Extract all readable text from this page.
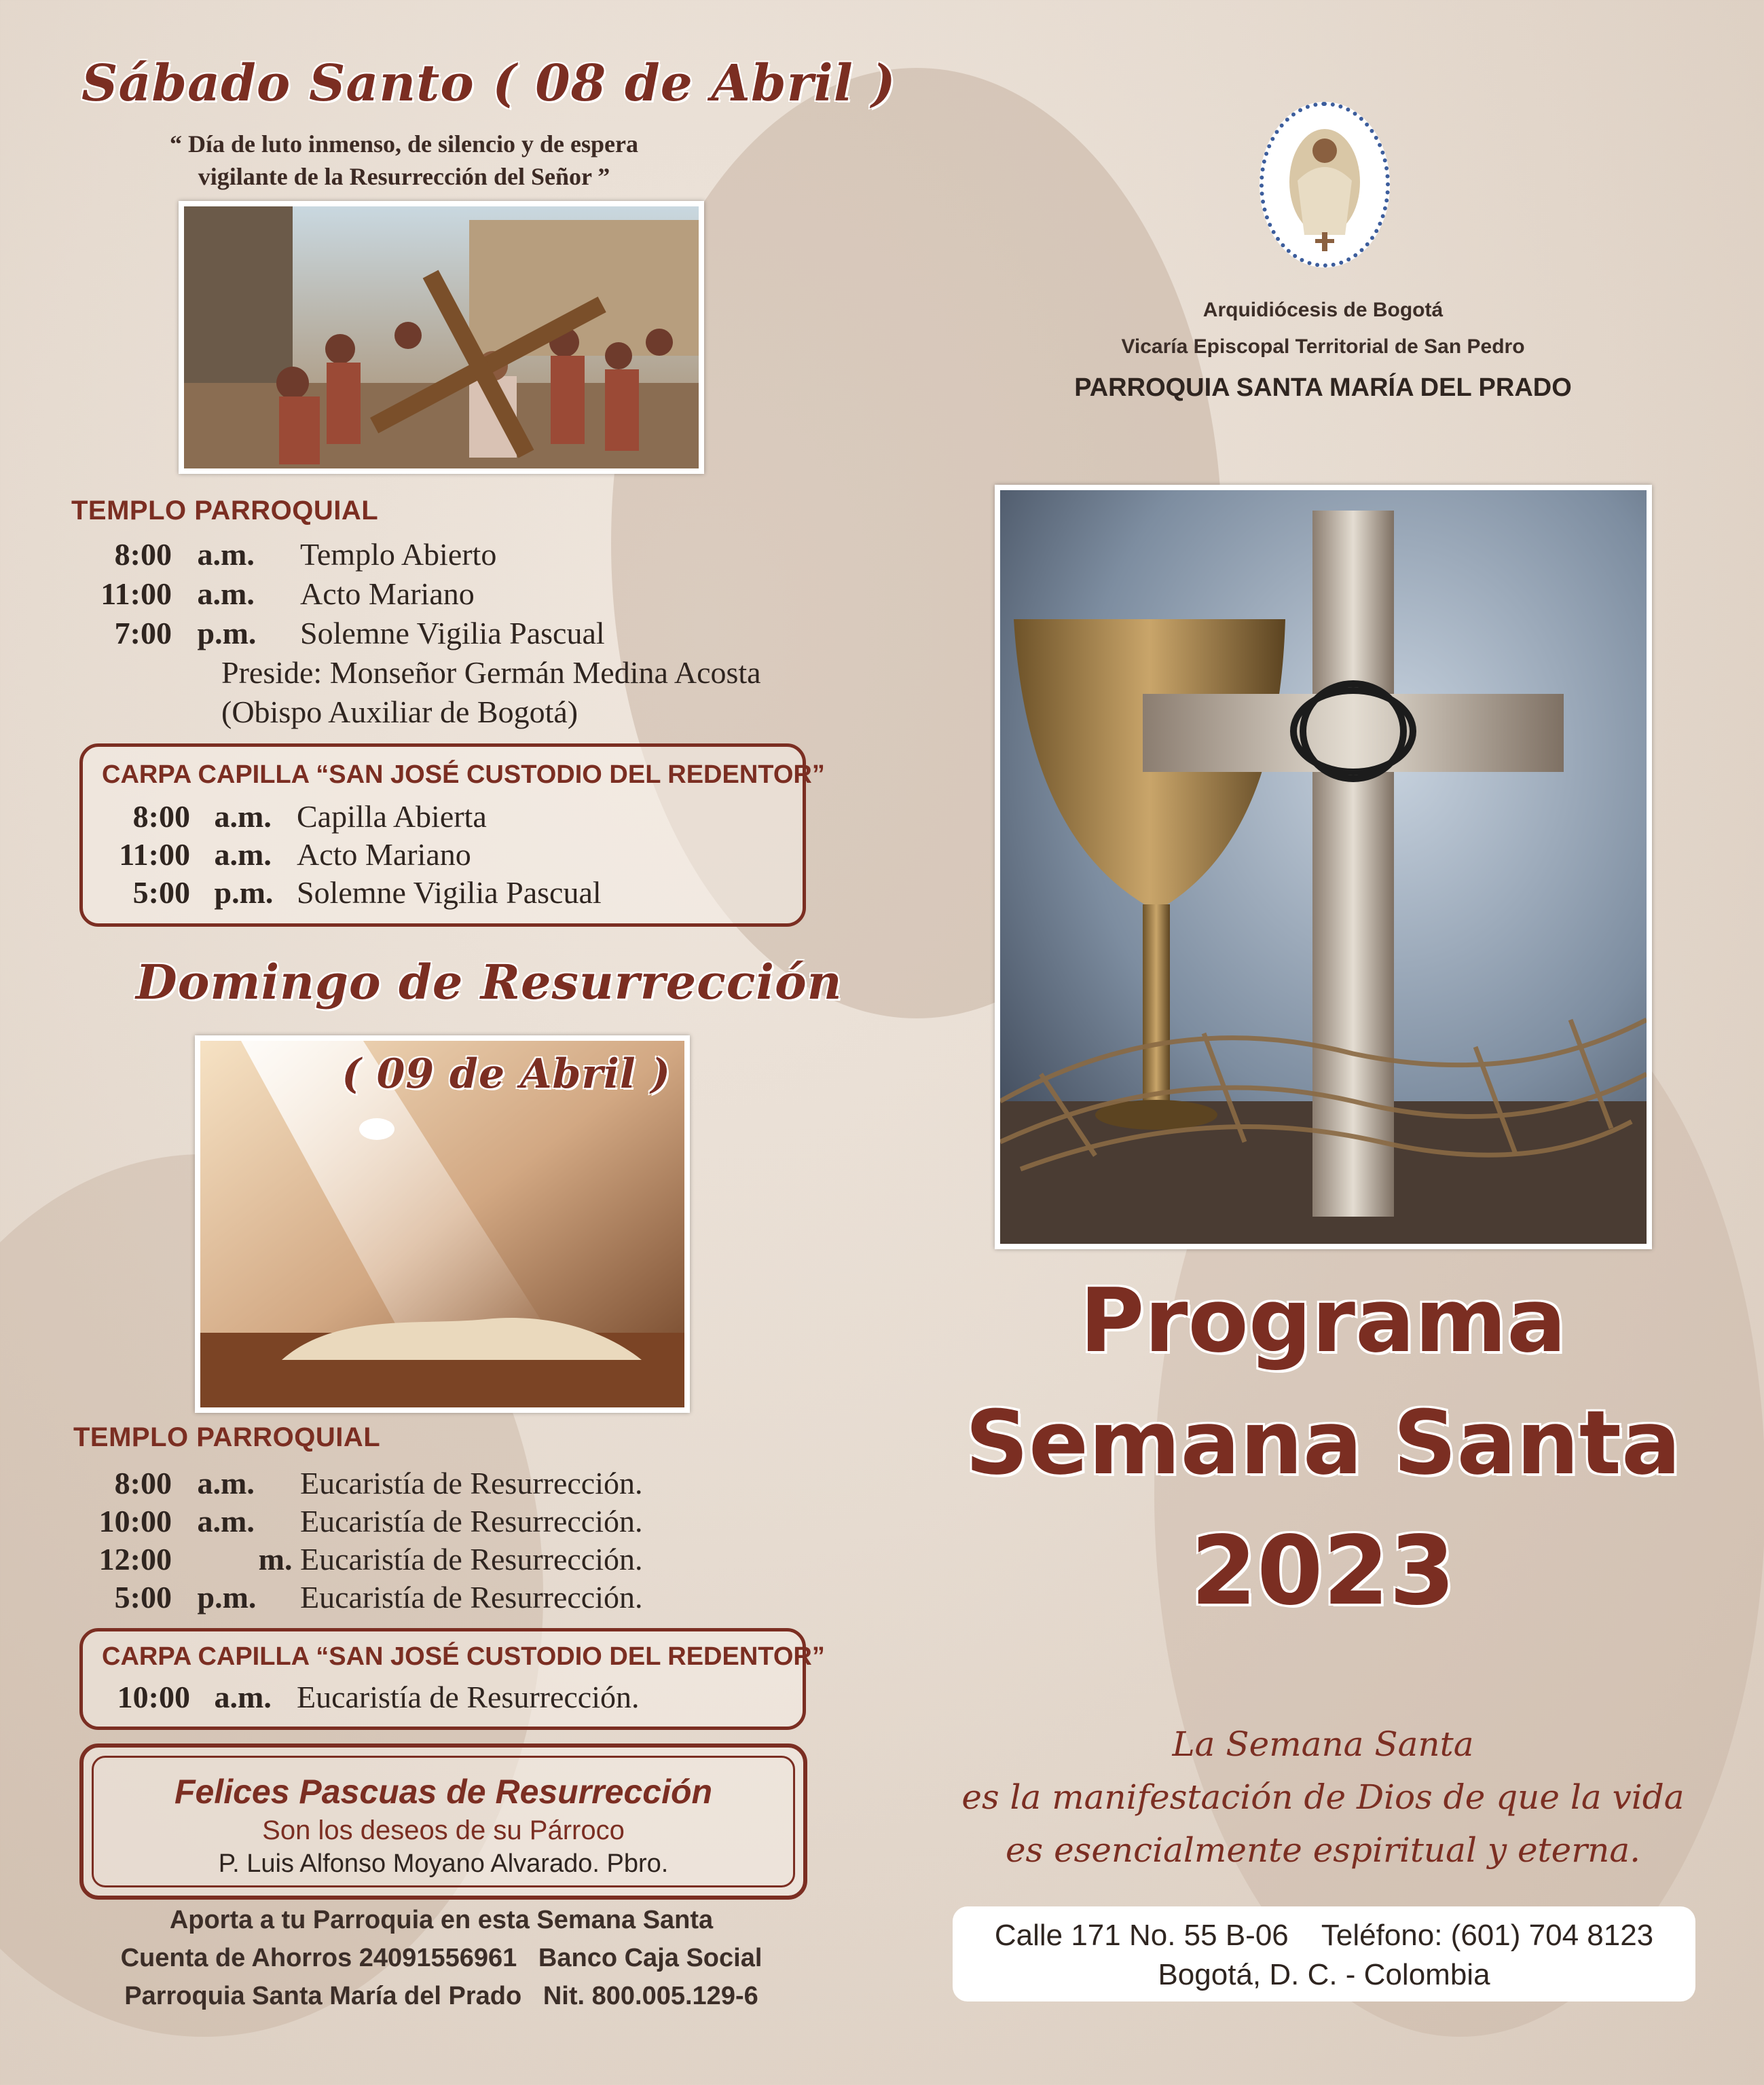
Sábado Santo ( 08 de Abril )
“ Día de luto inmenso, de silencio y de espera
vigilante de la Resurrección del Señor ”
TEMPLO PARROQUIAL
8:00 a.m. Templo Abierto
11:00 a.m. Acto Mariano
7:00 p.m. Solemne Vigilia Pascual
Preside: Monseñor Germán Medina Acosta
(Obispo Auxiliar de Bogotá)
CARPA CAPILLA “SAN JOSÉ CUSTODIO DEL REDENTOR”
8:00 a.m. Capilla Abierta
11:00 a.m. Acto Mariano
5:00 p.m. Solemne Vigilia Pascual
Domingo de Resurrección
( 09 de Abril )
TEMPLO PARROQUIAL
8:00 a.m. Eucaristía de Resurrección.
10:00 a.m. Eucaristía de Resurrección.
12:00	m. Eucaristía de Resurrección.
5:00 p.m. Eucaristía de Resurrección.
CARPA CAPILLA “SAN JOSÉ CUSTODIO DEL REDENTOR”
10:00 a.m. Eucaristía de Resurrección.
Felices Pascuas de Resurrección
Son los deseos de su Párroco
P. Luis Alfonso Moyano Alvarado. Pbro.
Aporta a tu Parroquia en esta Semana Santa
Cuenta de Ahorros 24091556961   Banco Caja Social
Parroquia Santa María del Prado   Nit. 800.005.129-6
Arquidiócesis de Bogotá
Vicaría Episcopal Territorial de San Pedro
PARROQUIA SANTA MARÍA DEL PRADO
Programa
Semana Santa
2023
La Semana Santa
es la manifestación de Dios de que la vida
es esencialmente espiritual y eterna.
Calle 171 No. 55 B-06    Teléfono: (601) 704 8123
Bogotá, D. C. - Colombia
